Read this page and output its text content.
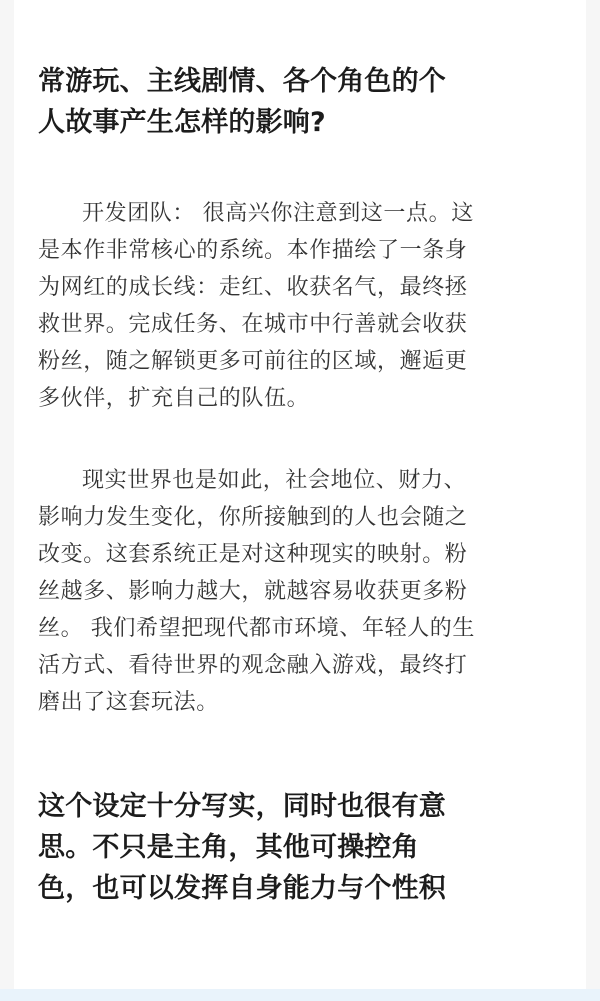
常游玩、主线剧情、各个角色的个
人故事产生怎样的影响?

开发团队： 很高兴你注意到这一点。这
是本作非常核心的系统。本作描绘了一条身
为网红的成长线：走红、收获名气，最终拯
救世界。完成任务、在城市中行善就会收获
粉丝，随之解锁更多可前往的区域，邂逅更
多伙伴，扩充自己的队伍。

现实世界也是如此，社会地位、财力、
影响力发生变化，你所接触到的人也会随之
改变。这套系统正是对这种现实的映射。粉
丝越多、影响力越大，就越容易收获更多粉
丝。 我们希望把现代都市环境、年轻人的生
活方式、看待世界的观念融入游戏，最终打
磨出了这套玩法。

这个设定十分写实，同时也很有意
思。不只是主角，其他可操控角
色，也可以发挥自身能力与个性积
